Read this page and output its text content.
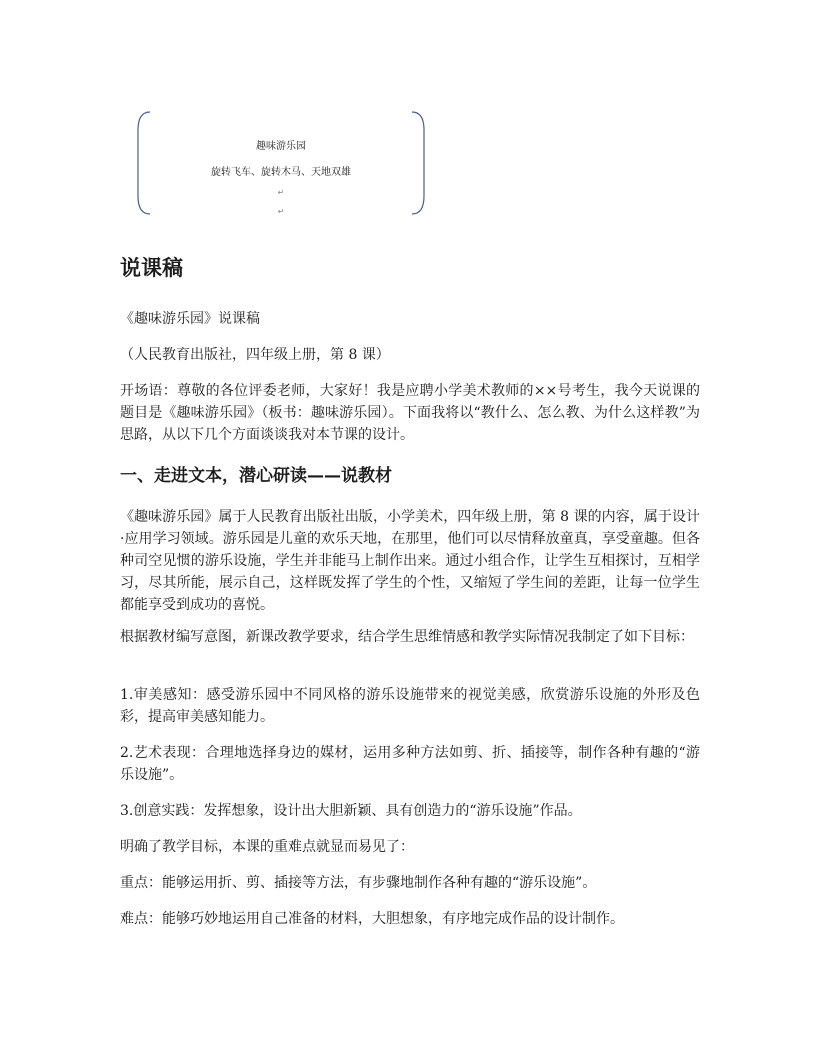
趣味游乐园
旋转飞车、旋转木马、天地双雄
↵
↵
说课稿

《趣味游乐园》说课稿

（人民教育出版社，四年级上册，第 8 课）

开场语：尊敬的各位评委老师，大家好！我是应聘小学美术教师的××号考生，我今天说课的题目是《趣味游乐园》（板书：趣味游乐园）。下面我将以“教什么、怎么教、为什么这样教”为思路，从以下几个方面谈谈我对本节课的设计。

一、走进文本，潜心研读——说教材

《趣味游乐园》属于人民教育出版社出版，小学美术，四年级上册，第 8 课的内容，属于设计·应用学习领域。游乐园是儿童的欢乐天地，在那里，他们可以尽情释放童真，享受童趣。但各种司空见惯的游乐设施，学生并非能马上制作出来。通过小组合作，让学生互相探讨，互相学习，尽其所能，展示自己，这样既发挥了学生的个性，又缩短了学生间的差距，让每一位学生都能享受到成功的喜悦。

根据教材编写意图，新课改教学要求，结合学生思维情感和教学实际情况我制定了如下目标：

1.审美感知：感受游乐园中不同风格的游乐设施带来的视觉美感，欣赏游乐设施的外形及色彩，提高审美感知能力。

2.艺术表现：合理地选择身边的媒材，运用多种方法如剪、折、插接等，制作各种有趣的“游乐设施”。

3.创意实践：发挥想象，设计出大胆新颖、具有创造力的“游乐设施”作品。

明确了教学目标，本课的重难点就显而易见了：

重点：能够运用折、剪、插接等方法，有步骤地制作各种有趣的“游乐设施”。

难点：能够巧妙地运用自己准备的材料，大胆想象，有序地完成作品的设计制作。
